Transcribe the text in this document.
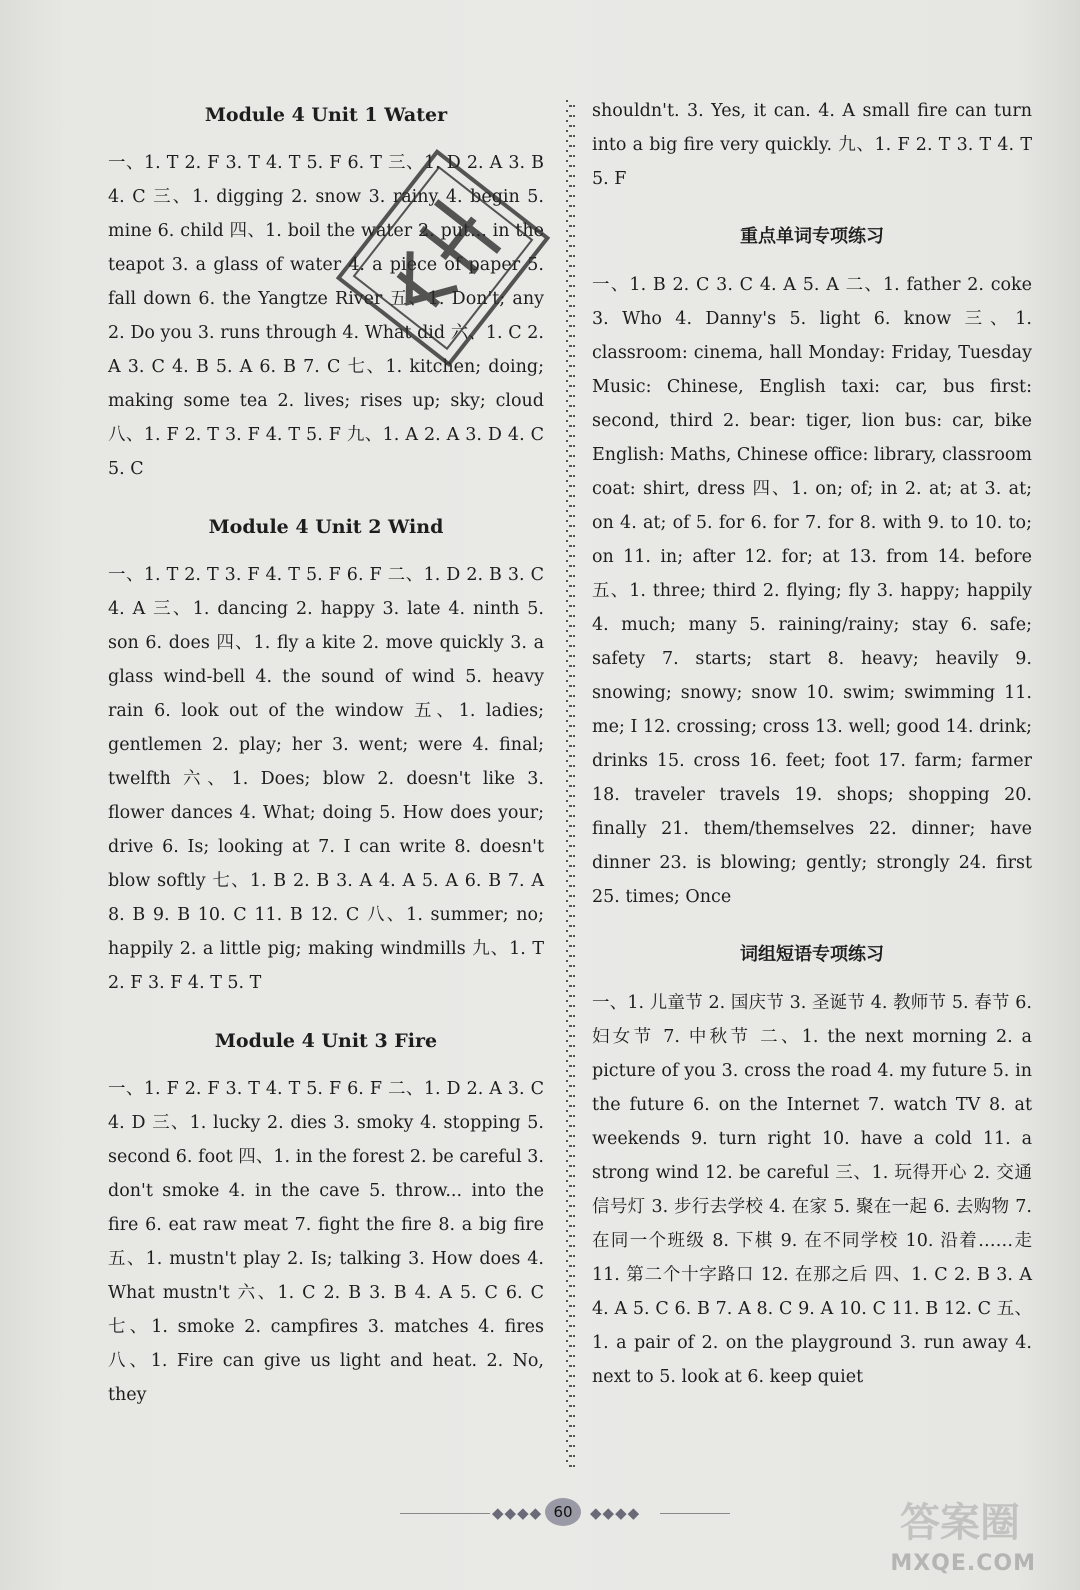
Module 4 Unit 1 Water

一、1. T 2. F 3. T 4. T 5. F 6. T 三、1. D 2. A 3. B 4. C 三、1. digging 2. snow 3. rainy 4. begin 5. mine 6. child 四、1. boil the water 2. put... in the teapot 3. a glass of water 4. a piece of paper 5. fall down 6. the Yangtze River 五、1. Don't; any 2. Do you 3. runs through 4. What did 六、1. C 2. A 3. C 4. B 5. A 6. B 7. C 七、1. kitchen; doing; making some tea 2. lives; rises up; sky; cloud 八、1. F 2. T 3. F 4. T 5. F 九、1. A 2. A 3. D 4. C 5. C

Module 4 Unit 2 Wind

一、1. T 2. T 3. F 4. T 5. F 6. F 二、1. D 2. B 3. C 4. A 三、1. dancing 2. happy 3. late 4. ninth 5. son 6. does 四、1. fly a kite 2. move quickly 3. a glass wind-bell 4. the sound of wind 5. heavy rain 6. look out of the window 五、1. ladies; gentlemen 2. play; her 3. went; were 4. final; twelfth 六、1. Does; blow 2. doesn't like 3. flower dances 4. What; doing 5. How does your; drive 6. Is; looking at 7. I can write 8. doesn't blow softly 七、1. B 2. B 3. A 4. A 5. A 6. B 7. A 8. B 9. B 10. C 11. B 12. C 八、1. summer; no; happily 2. a little pig; making windmills 九、1. T 2. F 3. F 4. T 5. T

Module 4 Unit 3 Fire

一、1. F 2. F 3. T 4. T 5. F 6. F 二、1. D 2. A 3. C 4. D 三、1. lucky 2. dies 3. smoky 4. stopping 5. second 6. foot 四、1. in the forest 2. be careful 3. don't smoke 4. in the cave 5. throw... into the fire 6. eat raw meat 7. fight the fire 8. a big fire 五、1. mustn't play 2. Is; talking 3. How does 4. What mustn't 六、1. C 2. B 3. B 4. A 5. C 6. C 七、1. smoke 2. campfires 3. matches 4. fires 八、1. Fire can give us light and heat. 2. No, they

shouldn't. 3. Yes, it can. 4. A small fire can turn into a big fire very quickly. 九、1. F 2. T 3. T 4. T 5. F

重点单词专项练习

一、1. B 2. C 3. C 4. A 5. A 二、1. father 2. coke 3. Who 4. Danny's 5. light 6. know 三、1. classroom: cinema, hall Monday: Friday, Tuesday Music: Chinese, English taxi: car, bus first: second, third 2. bear: tiger, lion bus: car, bike English: Maths, Chinese office: library, classroom coat: shirt, dress 四、1. on; of; in 2. at; at 3. at; on 4. at; of 5. for 6. for 7. for 8. with 9. to 10. to; on 11. in; after 12. for; at 13. from 14. before 五、1. three; third 2. flying; fly 3. happy; happily 4. much; many 5. raining/rainy; stay 6. safe; safety 7. starts; start 8. heavy; heavily 9. snowing; snowy; snow 10. swim; swimming 11. me; I 12. crossing; cross 13. well; good 14. drink; drinks 15. cross 16. feet; foot 17. farm; farmer 18. traveler travels 19. shops; shopping 20. finally 21. them/themselves 22. dinner; have dinner 23. is blowing; gently; strongly 24. first 25. times; Once

词组短语专项练习

一、1. 儿童节 2. 国庆节 3. 圣诞节 4. 教师节 5. 春节 6. 妇女节 7. 中秋节 二、1. the next morning 2. a picture of you 3. cross the road 4. my future 5. in the future 6. on the Internet 7. watch TV 8. at weekends 9. turn right 10. have a cold 11. a strong wind 12. be careful 三、1. 玩得开心 2. 交通信号灯 3. 步行去学校 4. 在家 5. 聚在一起 6. 去购物 7. 在同一个班级 8. 下棋 9. 在不同学校 10. 沿着……走 11. 第二个十字路口 12. 在那之后 四、1. C 2. B 3. A 4. A 5. C 6. B 7. A 8. C 9. A 10. C 11. B 12. C 五、1. a pair of 2. on the playground 3. run away 4. next to 5. look at 6. keep quiet

◆◆◆◆	◆◆◆◆
60	答案圈
MXQE.COM
